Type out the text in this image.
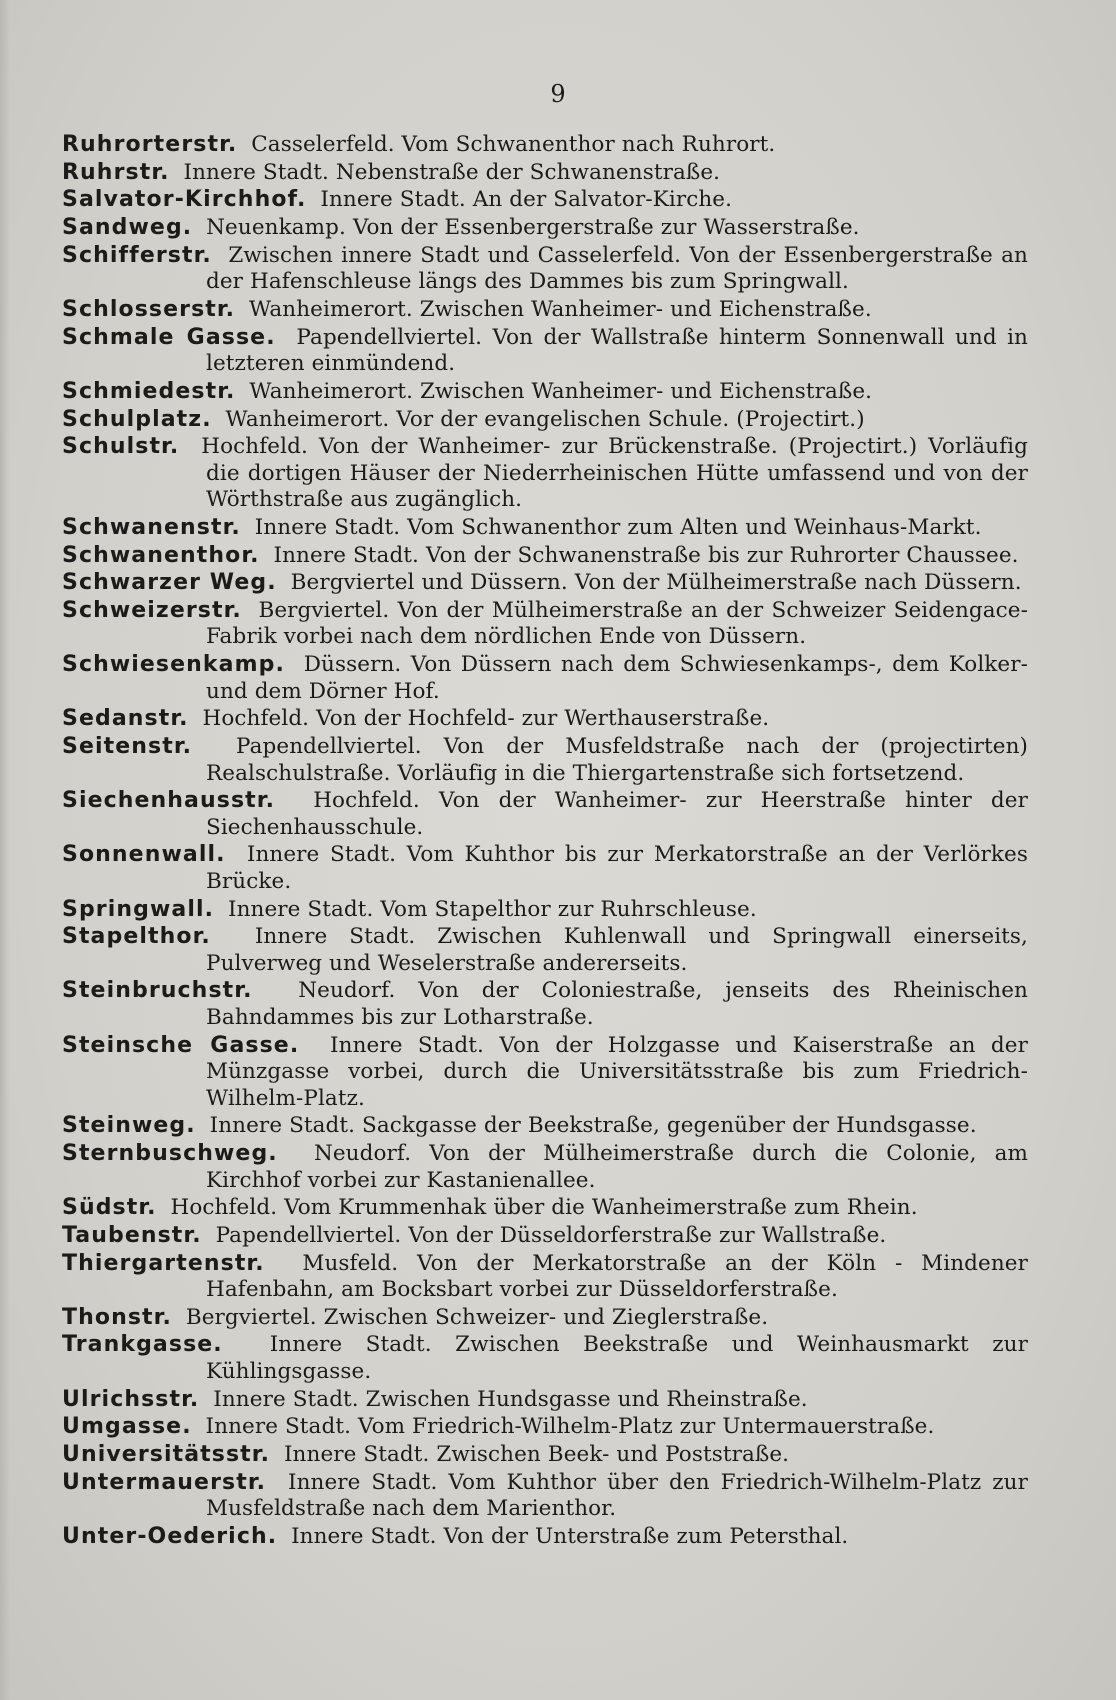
9

Ruhrorterstr. Casselerfeld. Vom Schwanenthor nach Ruhrort.

Ruhrstr. Innere Stadt. Nebenstraße der Schwanenstraße.

Salvator-Kirchhof. Innere Stadt. An der Salvator-Kirche.

Sandweg. Neuenkamp. Von der Essenbergerstraße zur Wasserstraße.

Schifferstr. Zwischen innere Stadt und Casselerfeld. Von der Essenbergerstraße an der Hafenschleuse längs des Dammes bis zum Springwall.

Schlosserstr. Wanheimerort. Zwischen Wanheimer- und Eichenstraße.

Schmale Gasse. Papendellviertel. Von der Wallstraße hinterm Sonnenwall und in letzteren einmündend.

Schmiedestr. Wanheimerort. Zwischen Wanheimer- und Eichenstraße.

Schulplatz. Wanheimerort. Vor der evangelischen Schule. (Projectirt.)

Schulstr. Hochfeld. Von der Wanheimer- zur Brückenstraße. (Projectirt.) Vorläufig die dortigen Häuser der Niederrheinischen Hütte umfassend und von der Wörthstraße aus zugänglich.

Schwanenstr. Innere Stadt. Vom Schwanenthor zum Alten und Weinhaus-Markt.

Schwanenthor. Innere Stadt. Von der Schwanenstraße bis zur Ruhrorter Chaussee.

Schwarzer Weg. Bergviertel und Düssern. Von der Mülheimerstraße nach Düssern.

Schweizerstr. Bergviertel. Von der Mülheimerstraße an der Schweizer Seidengace-Fabrik vorbei nach dem nördlichen Ende von Düssern.

Schwiesenkamp. Düssern. Von Düssern nach dem Schwiesenkamps-, dem Kolker- und dem Dörner Hof.

Sedanstr. Hochfeld. Von der Hochfeld- zur Werthauserstraße.

Seitenstr. Papendellviertel. Von der Musfeldstraße nach der (projectirten) Realschulstraße. Vorläufig in die Thiergartenstraße sich fortsetzend.

Siechenhausstr. Hochfeld. Von der Wanheimer- zur Heerstraße hinter der Siechenhausschule.

Sonnenwall. Innere Stadt. Vom Kuhthor bis zur Merkatorstraße an der Verlörkes Brücke.

Springwall. Innere Stadt. Vom Stapelthor zur Ruhrschleuse.

Stapelthor. Innere Stadt. Zwischen Kuhlenwall und Springwall einerseits, Pulverweg und Weselerstraße andererseits.

Steinbruchstr. Neudorf. Von der Coloniestraße, jenseits des Rheinischen Bahndammes bis zur Lotharstraße.

Steinsche Gasse. Innere Stadt. Von der Holzgasse und Kaiserstraße an der Münzgasse vorbei, durch die Universitätsstraße bis zum Friedrich-Wilhelm-Platz.

Steinweg. Innere Stadt. Sackgasse der Beekstraße, gegenüber der Hundsgasse.

Sternbuschweg. Neudorf. Von der Mülheimerstraße durch die Colonie, am Kirchhof vorbei zur Kastanienallee.

Südstr. Hochfeld. Vom Krummenhak über die Wanheimerstraße zum Rhein.

Taubenstr. Papendellviertel. Von der Düsseldorferstraße zur Wallstraße.

Thiergartenstr. Musfeld. Von der Merkatorstraße an der Köln - Mindener Hafenbahn, am Bocksbart vorbei zur Düsseldorferstraße.

Thonstr. Bergviertel. Zwischen Schweizer- und Zieglerstraße.

Trankgasse. Innere Stadt. Zwischen Beekstraße und Weinhausmarkt zur Kühlingsgasse.

Ulrichsstr. Innere Stadt. Zwischen Hundsgasse und Rheinstraße.

Umgasse. Innere Stadt. Vom Friedrich-Wilhelm-Platz zur Untermauerstraße.

Universitätsstr. Innere Stadt. Zwischen Beek- und Poststraße.

Untermauerstr. Innere Stadt. Vom Kuhthor über den Friedrich-Wilhelm-Platz zur Musfeldstraße nach dem Marienthor.

Unter-Oederich. Innere Stadt. Von der Unterstraße zum Petersthal.
